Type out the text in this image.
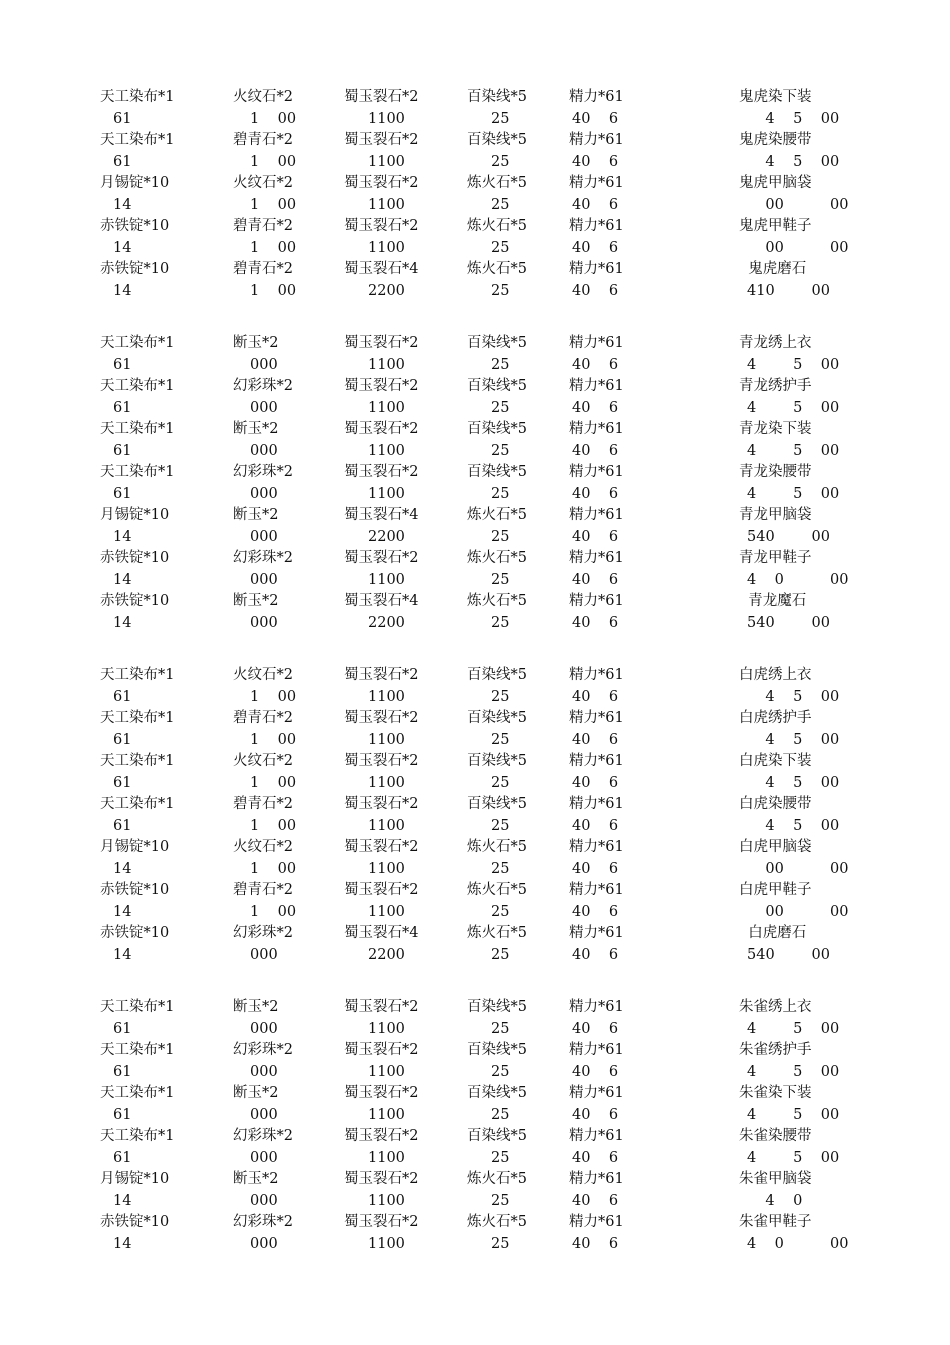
天工染布*1
61
火纹石*2
1    00
蜀玉裂石*2
1100
百染线*5
25
精力*61
40    6
鬼虎染下装
4    5    00
天工染布*1
61
碧青石*2
1    00
蜀玉裂石*2
1100
百染线*5
25
精力*61
40    6
鬼虎染腰带
4    5    00
月锡锭*10
14
火纹石*2
1    00
蜀玉裂石*2
1100
炼火石*5
25
精力*61
40    6
鬼虎甲脑袋
00          00
赤铁锭*10
14
碧青石*2
1    00
蜀玉裂石*2
1100
炼火石*5
25
精力*61
40    6
鬼虎甲鞋子
00          00
赤铁锭*10
14
碧青石*2
1    00
蜀玉裂石*4
2200
炼火石*5
25
精力*61
40    6
鬼虎磨石
410        00
天工染布*1
61
断玉*2
000
蜀玉裂石*2
1100
百染线*5
25
精力*61
40    6
青龙绣上衣
4        5    00
天工染布*1
61
幻彩珠*2
000
蜀玉裂石*2
1100
百染线*5
25
精力*61
40    6
青龙绣护手
4        5    00
天工染布*1
61
断玉*2
000
蜀玉裂石*2
1100
百染线*5
25
精力*61
40    6
青龙染下装
4        5    00
天工染布*1
61
幻彩珠*2
000
蜀玉裂石*2
1100
百染线*5
25
精力*61
40    6
青龙染腰带
4        5    00
月锡锭*10
14
断玉*2
000
蜀玉裂石*4
2200
炼火石*5
25
精力*61
40    6
青龙甲脑袋
540        00
赤铁锭*10
14
幻彩珠*2
000
蜀玉裂石*2
1100
炼火石*5
25
精力*61
40    6
青龙甲鞋子
4    0          00
赤铁锭*10
14
断玉*2
000
蜀玉裂石*4
2200
炼火石*5
25
精力*61
40    6
青龙魔石
540        00
天工染布*1
61
火纹石*2
1    00
蜀玉裂石*2
1100
百染线*5
25
精力*61
40    6
白虎绣上衣
4    5    00
天工染布*1
61
碧青石*2
1    00
蜀玉裂石*2
1100
百染线*5
25
精力*61
40    6
白虎绣护手
4    5    00
天工染布*1
61
火纹石*2
1    00
蜀玉裂石*2
1100
百染线*5
25
精力*61
40    6
白虎染下装
4    5    00
天工染布*1
61
碧青石*2
1    00
蜀玉裂石*2
1100
百染线*5
25
精力*61
40    6
白虎染腰带
4    5    00
月锡锭*10
14
火纹石*2
1    00
蜀玉裂石*2
1100
炼火石*5
25
精力*61
40    6
白虎甲脑袋
00          00
赤铁锭*10
14
碧青石*2
1    00
蜀玉裂石*2
1100
炼火石*5
25
精力*61
40    6
白虎甲鞋子
00          00
赤铁锭*10
14
幻彩珠*2
000
蜀玉裂石*4
2200
炼火石*5
25
精力*61
40    6
白虎磨石
540        00
天工染布*1
61
断玉*2
000
蜀玉裂石*2
1100
百染线*5
25
精力*61
40    6
朱雀绣上衣
4        5    00
天工染布*1
61
幻彩珠*2
000
蜀玉裂石*2
1100
百染线*5
25
精力*61
40    6
朱雀绣护手
4        5    00
天工染布*1
61
断玉*2
000
蜀玉裂石*2
1100
百染线*5
25
精力*61
40    6
朱雀染下装
4        5    00
天工染布*1
61
幻彩珠*2
000
蜀玉裂石*2
1100
百染线*5
25
精力*61
40    6
朱雀染腰带
4        5    00
月锡锭*10
14
断玉*2
000
蜀玉裂石*2
1100
炼火石*5
25
精力*61
40    6
朱雀甲脑袋
4    0
赤铁锭*10
14
幻彩珠*2
000
蜀玉裂石*2
1100
炼火石*5
25
精力*61
40    6
朱雀甲鞋子
4    0          00
